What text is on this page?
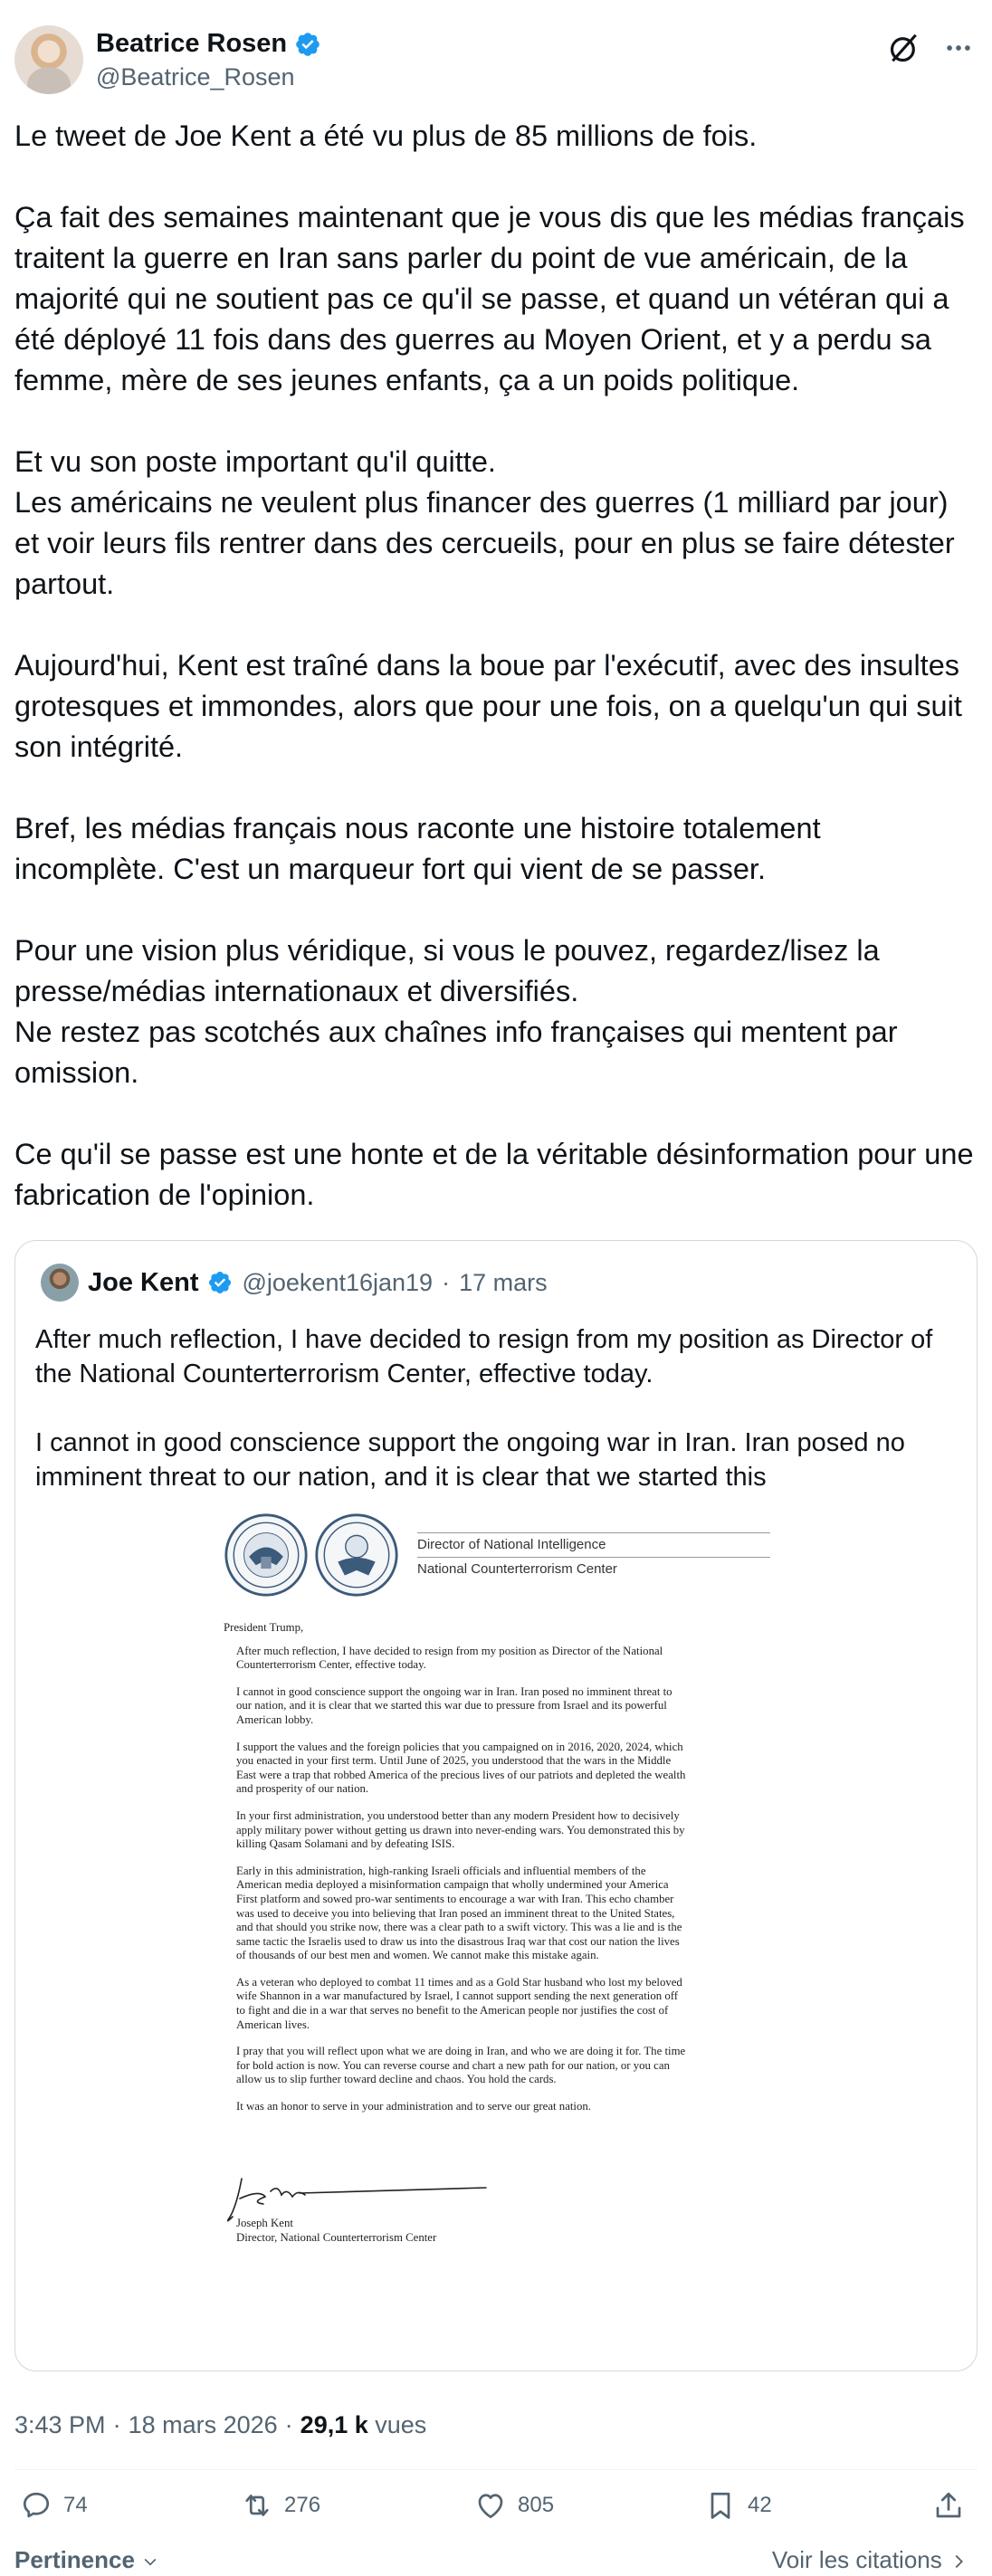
Beatrice Rosen
@Beatrice_Rosen
Le tweet de Joe Kent a été vu plus de 85 millions de fois.

Ça fait des semaines maintenant que je vous dis que les médias français traitent la guerre en Iran sans parler du point de vue américain, de la majorité qui ne soutient pas ce qu'il se passe, et quand un vétéran qui a été déployé 11 fois dans des guerres au Moyen Orient, et y a perdu sa femme, mère de ses jeunes enfants, ça a un poids politique.

Et vu son poste important qu'il quitte.
Les américains ne veulent plus financer des guerres (1 milliard par jour) et voir leurs fils rentrer dans des cercueils, pour en plus se faire détester partout.

Aujourd'hui, Kent est traîné dans la boue par l'exécutif, avec des insultes grotesques et immondes, alors que pour une fois, on a quelqu'un qui suit son intégrité.

Bref, les médias français nous raconte une histoire totalement incomplète. C'est un marqueur fort qui vient de se passer.

Pour une vision plus véridique, si vous le pouvez, regardez/lisez la presse/médias internationaux et diversifiés.
Ne restez pas scotchés aux chaînes info françaises qui mentent par omission.

Ce qu'il se passe est une honte et de la véritable désinformation pour une fabrication de l'opinion.
Joe Kent @joekent16jan19 · 17 mars
After much reflection, I have decided to resign from my position as Director of the National Counterterrorism Center, effective today.

I cannot in good conscience support the ongoing war in Iran. Iran posed no imminent threat to our nation, and it is clear that we started this
Director of National Intelligence
National Counterterrorism Center
President Trump,
After much reflection, I have decided to resign from my position as Director of the National
Counterterrorism Center, effective today.
I cannot in good conscience support the ongoing war in Iran. Iran posed no imminent threat to
our nation, and it is clear that we started this war due to pressure from Israel and its powerful
American lobby.
I support the values and the foreign policies that you campaigned on in 2016, 2020, 2024, which
you enacted in your first term. Until June of 2025, you understood that the wars in the Middle
East were a trap that robbed America of the precious lives of our patriots and depleted the wealth
and prosperity of our nation.
In your first administration, you understood better than any modern President how to decisively
apply military power without getting us drawn into never-ending wars. You demonstrated this by
killing Qasam Solamani and by defeating ISIS.
Early in this administration, high-ranking Israeli officials and influential members of the
American media deployed a misinformation campaign that wholly undermined your America
First platform and sowed pro-war sentiments to encourage a war with Iran. This echo chamber
was used to deceive you into believing that Iran posed an imminent threat to the United States,
and that should you strike now, there was a clear path to a swift victory. This was a lie and is the
same tactic the Israelis used to draw us into the disastrous Iraq war that cost our nation the lives
of thousands of our best men and women. We cannot make this mistake again.
As a veteran who deployed to combat 11 times and as a Gold Star husband who lost my beloved
wife Shannon in a war manufactured by Israel, I cannot support sending the next generation off
to fight and die in a war that serves no benefit to the American people nor justifies the cost of
American lives.
I pray that you will reflect upon what we are doing in Iran, and who we are doing it for. The time
for bold action is now. You can reverse course and chart a new path for our nation, or you can
allow us to slip further toward decline and chaos. You hold the cards.
It was an honor to serve in your administration and to serve our great nation.
Joseph Kent
Director, National Counterterrorism Center
3:43 PM · 18 mars 2026 · 29,1 k vues
74	276	805	42
Pertinence	Voir les citations
